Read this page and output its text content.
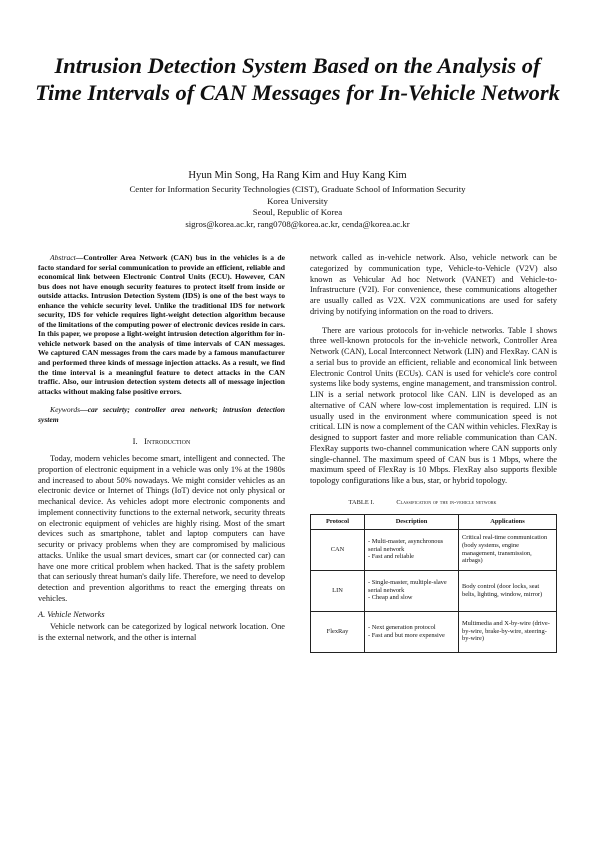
Intrusion Detection System Based on the Analysis of Time Intervals of CAN Messages for In-Vehicle Network

Hyun Min Song, Ha Rang Kim and Huy Kang Kim

Center for Information Security Technologies (CIST), Graduate School of Information Security
Korea University
Seoul, Republic of Korea
sigros@korea.ac.kr, rang0708@korea.ac.kr, cenda@korea.ac.kr

Abstract—Controller Area Network (CAN) bus in the vehicles is a de facto standard for serial communication to provide an efficient, reliable and economical link between Electronic Control Units (ECU). However, CAN bus does not have enough security features to protect itself from inside or outside attacks. Intrusion Detection System (IDS) is one of the best ways to enhance the vehicle security level. Unlike the traditional IDS for network security, IDS for vehicle requires light-weight detection algorithm because of the limitations of the computing power of electronic devices reside in cars. In this paper, we propose a light-weight intrusion detection algorithm for in-vehicle network based on the analysis of time intervals of CAN messages. We captured CAN messages from the cars made by a famous manufacturer and performed three kinds of message injection attacks. As a result, we find the time interval is a meaningful feature to detect attacks in the CAN traffic. Also, our intrusion detection system detects all of message injection attacks without making false positive errors.

Keywords—car secuirty; controller area network; intrusion detection system

I. Introduction

Today, modern vehicles become smart, intelligent and connected. The proportion of electronic equipment in a vehicle was only 1% at the 1980s and increased to about 50% nowadays. We might consider vehicles as an electronic device or Internet of Things (IoT) device not only physical or mechanical device. As vehicles adopt more electronic components and implement connectivity functions to the external network, security threats on electronic equipment of vehicles are highly rising. Most of the smart devices such as smartphone, tablet and laptop computers can have security or privacy problems when they are compromised by malicious attacks. Unlike the usual smart devices, smart car (or connected car) can have one more critical problem when hacked. That is the safety problem that can seriously threat human's daily life. Therefore, we need to develop detection and prevention algorithms to react the emerging threats on vehicles.

A. Vehicle Networks

Vehicle network can be categorized by logical network location. One is the external network, and the other is internal

network called as in-vehicle network. Also, vehicle network can be categorized by communication type, Vehicle-to-Vehicle (V2V) also known as Vehicular Ad hoc Network (VANET) and Vehicle-to-Infrastructure (V2I). For convenience, these communications altogether are usually called as V2X. V2X communications are used for safety driving by notifying information on the road to drivers.

There are various protocols for in-vehicle networks. Table I shows three well-known protocols for the in-vehicle network, Controller Area Network (CAN), Local Interconnect Network (LIN) and FlexRay. CAN is a serial bus to provide an efficient, reliable and economical link between Electronic Control Units (ECUs). CAN is used for vehicle's core control systems like body systems, engine management, and transmission control. LIN is a serial network protocol like CAN. LIN is developed as an alternative of CAN where low-cost implementation is required. LIN is usually used in the environment where communication speed is not critical. LIN is now a complement of the CAN within vehicles. FlexRay is designed to support faster and more reliable communication than CAN. FlexRay supports two-channel communication where CAN supports only single-channel. The maximum speed of CAN bus is 1 Mbps, where the maximum speed of FlexRay is 10 Mbps. FlexRay also supports flexible topology configurations like a bus, star, or hybrid topology.

TABLE I.	Classification of the in-vehicle network
Protocol	Description	Applications
CAN	- Multi-master, asynchronous serial network
- Fast and reliable	Critical real-time communication (body systems, engine management, transmission, airbags)

LIN	- Single-master, multiple-slave serial network
- Cheap and slow	Body control (door locks, seat belts, lighting, window, mirror)

FlexRay	- Next generation protocol
- Fast and but more expensive	Multimedia and X-by-wire (drive-by-wire, brake-by-wire, steering-by-wire)
